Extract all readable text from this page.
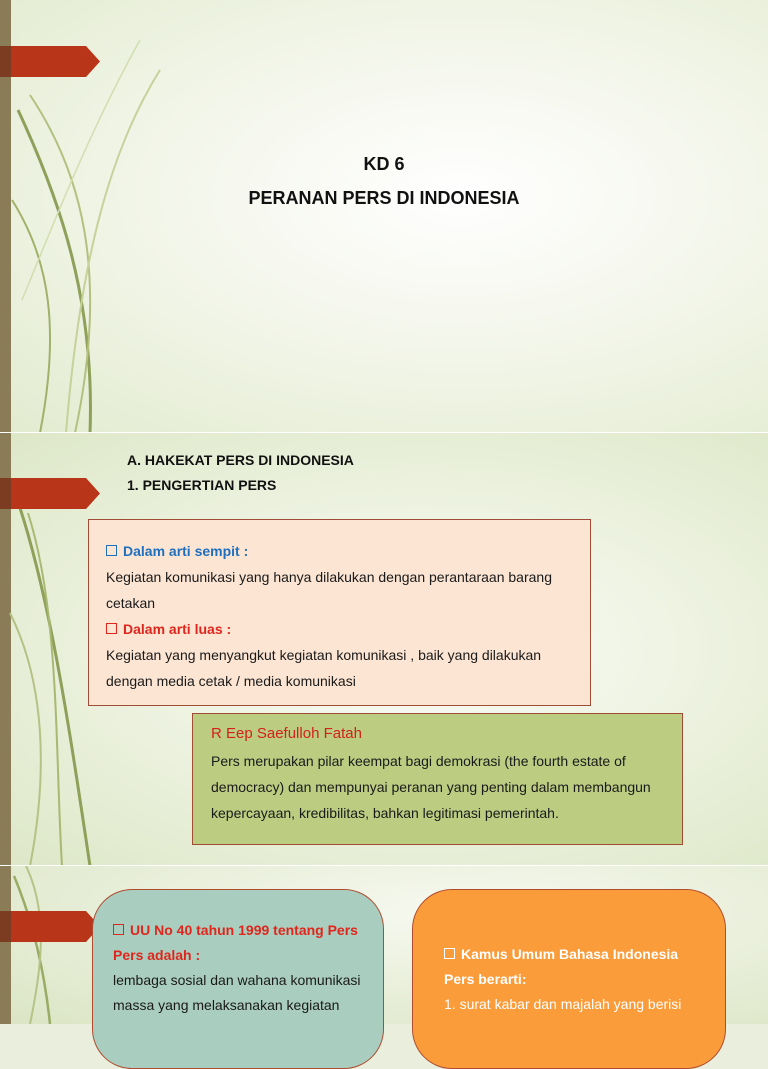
KD 6
PERANAN PERS DI INDONESIA
A. HAKEKAT PERS DI INDONESIA
1. PENGERTIAN PERS
Dalam arti sempit :
Kegiatan komunikasi yang hanya dilakukan dengan perantaraan barang
cetakan
Dalam arti luas :
Kegiatan yang menyangkut kegiatan komunikasi , baik yang dilakukan
dengan media cetak / media komunikasi
R Eep Saefulloh Fatah
Pers merupakan pilar keempat bagi demokrasi (the fourth estate of
democracy) dan mempunyai peranan yang penting dalam membangun
kepercayaan, kredibilitas, bahkan legitimasi pemerintah.
UU No 40 tahun 1999 tentang Pers
Pers adalah :
lembaga sosial dan wahana komunikasi
massa yang melaksanakan kegiatan
Kamus Umum Bahasa Indonesia
Pers berarti:
1. surat kabar dan majalah yang berisi
